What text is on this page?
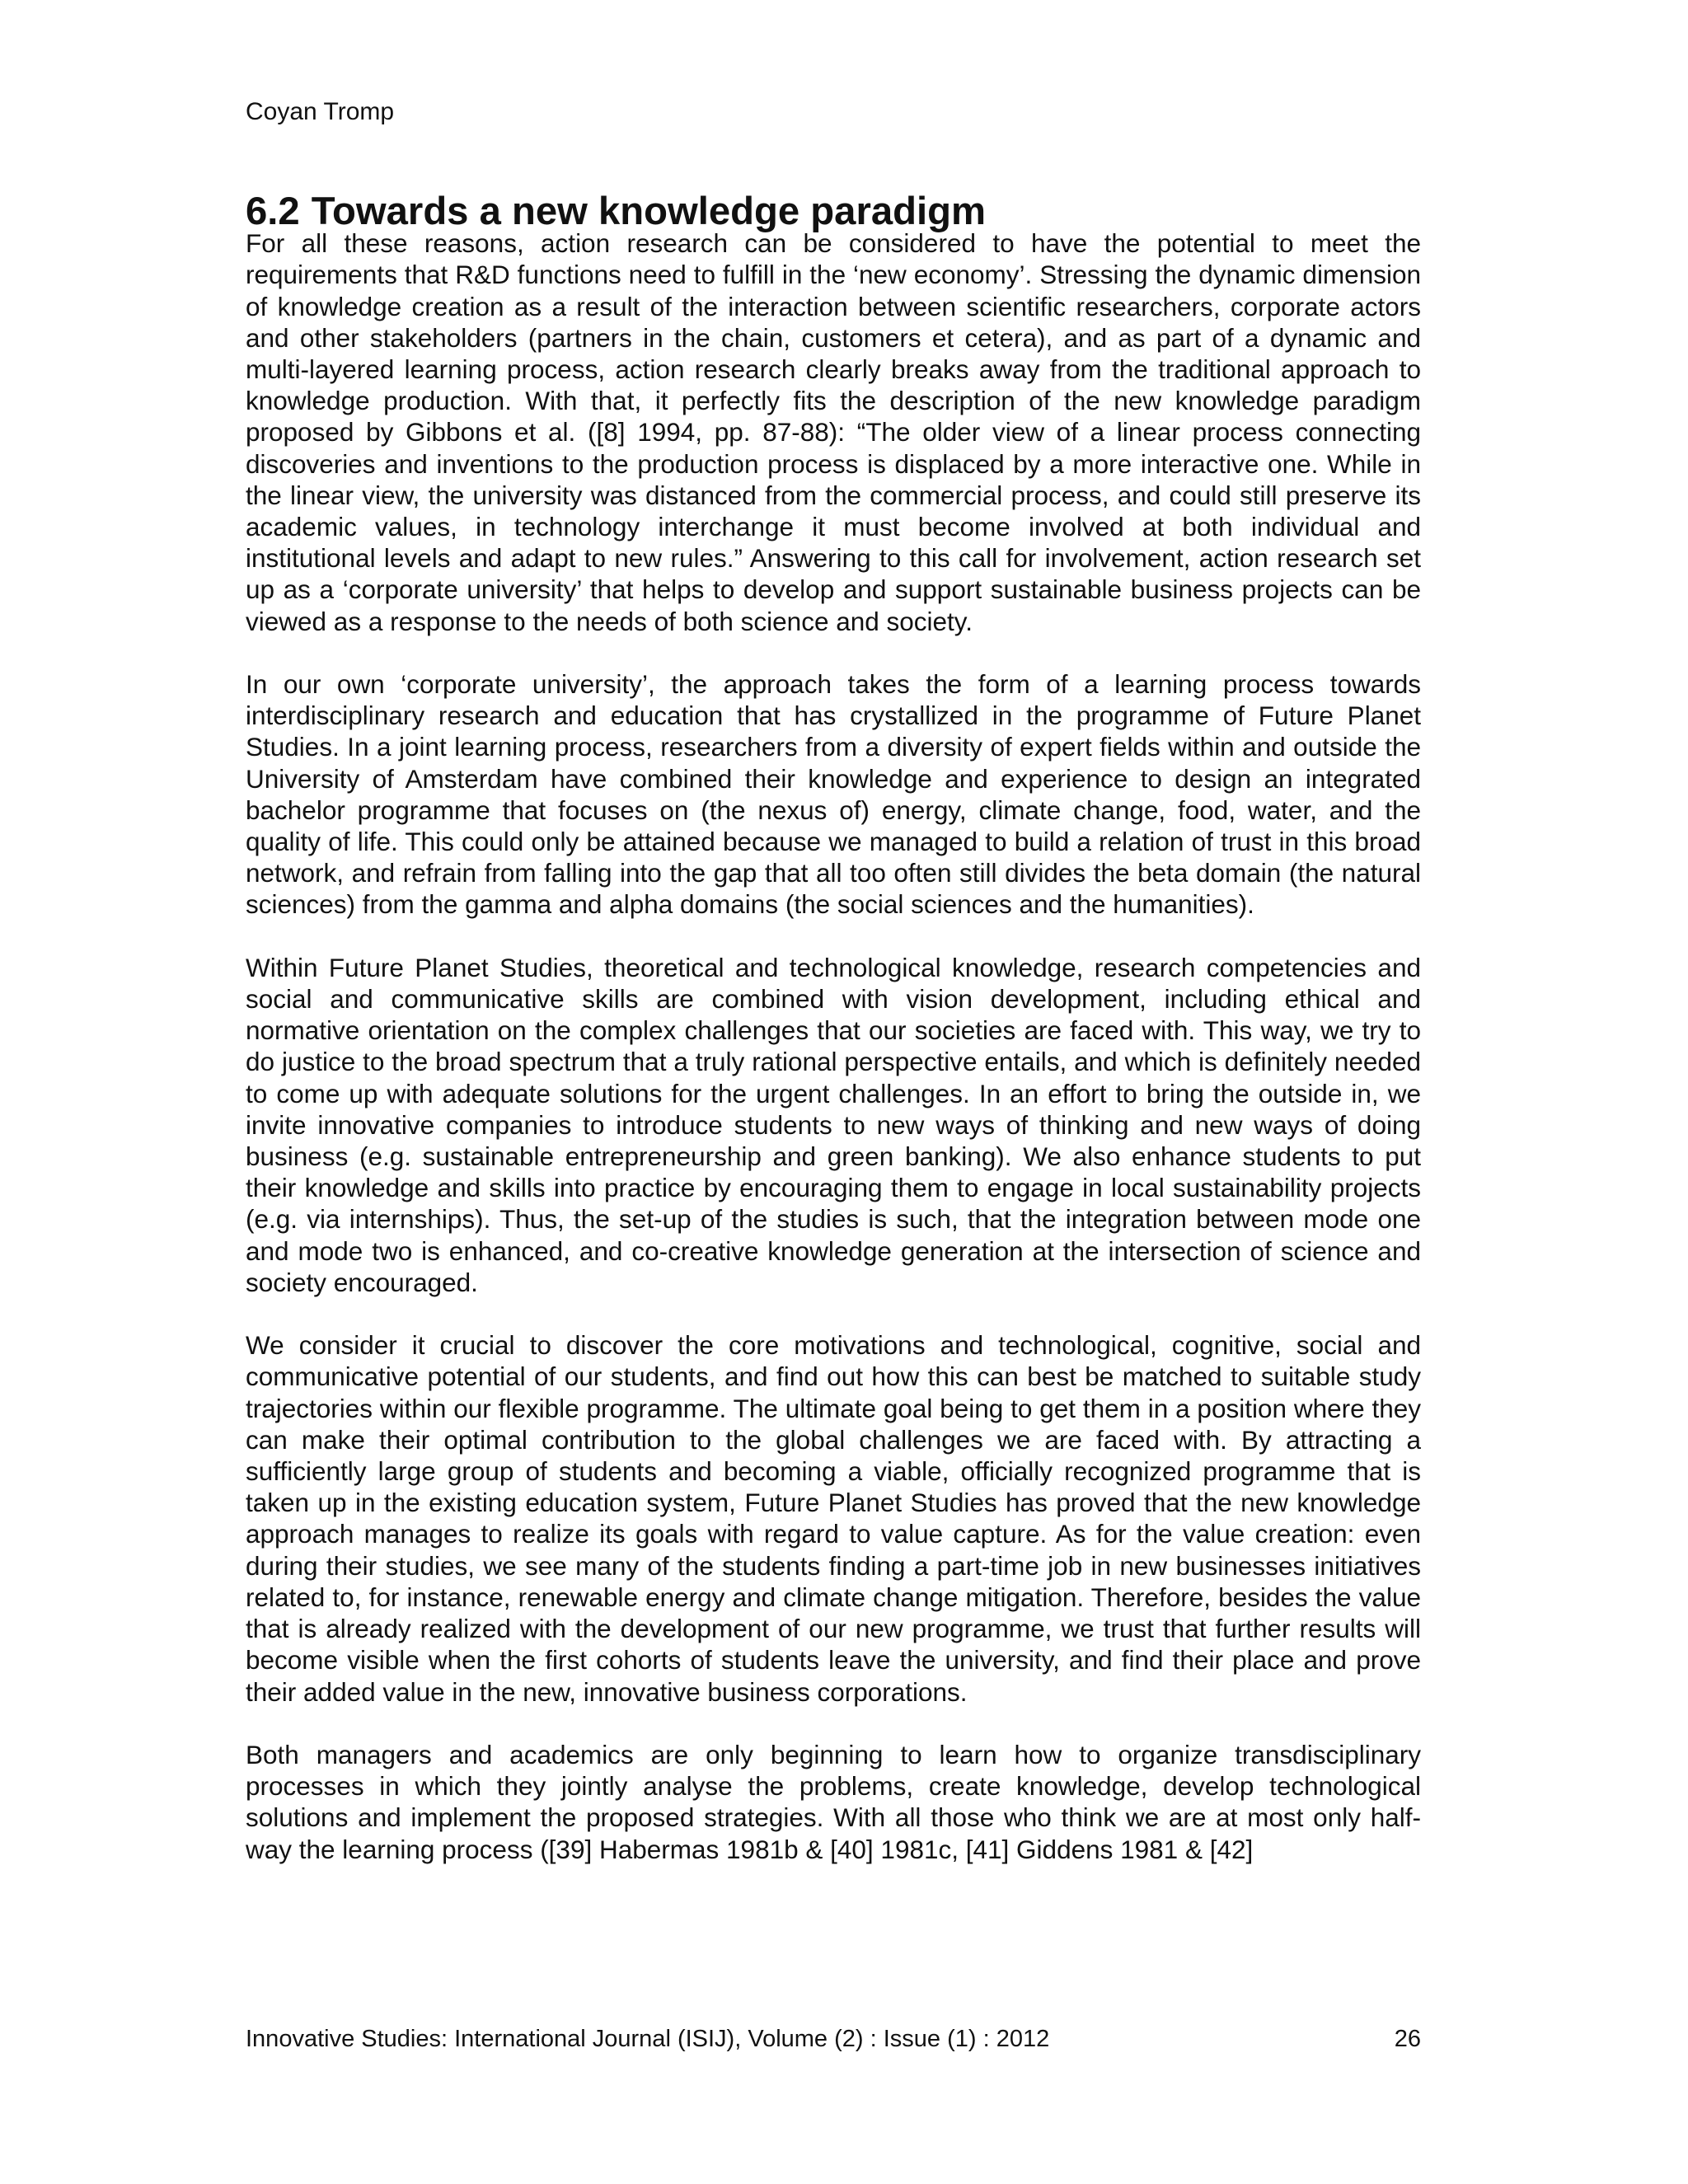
Coyan Tromp
6.2 Towards a new knowledge paradigm

For all these reasons, action research can be considered to have the potential to meet the requirements that R&D functions need to fulfill in the ‘new economy’. Stressing the dynamic dimension of knowledge creation as a result of the interaction between scientific researchers, corporate actors and other stakeholders (partners in the chain, customers et cetera), and as part of a dynamic and multi-layered learning process, action research clearly breaks away from the traditional approach to knowledge production. With that, it perfectly fits the description of the new knowledge paradigm proposed by Gibbons et al. ([8] 1994, pp. 87-88): “The older view of a linear process connecting discoveries and inventions to the production process is displaced by a more interactive one. While in the linear view, the university was distanced from the commercial process, and could still preserve its academic values, in technology interchange it must become involved at both individual and institutional levels and adapt to new rules.” Answering to this call for involvement, action research set up as a ‘corporate university’ that helps to develop and support sustainable business projects can be viewed as a response to the needs of both science and society.

In our own ‘corporate university’, the approach takes the form of a learning process towards interdisciplinary research and education that has crystallized in the programme of Future Planet Studies. In a joint learning process, researchers from a diversity of expert fields within and outside the University of Amsterdam have combined their knowledge and experience to design an integrated bachelor programme that focuses on (the nexus of) energy, climate change, food, water, and the quality of life. This could only be attained because we managed to build a relation of trust in this broad network, and refrain from falling into the gap that all too often still divides the beta domain (the natural sciences) from the gamma and alpha domains (the social sciences and the humanities).

Within Future Planet Studies, theoretical and technological knowledge, research competencies and social and communicative skills are combined with vision development, including ethical and normative orientation on the complex challenges that our societies are faced with. This way, we try to do justice to the broad spectrum that a truly rational perspective entails, and which is definitely needed to come up with adequate solutions for the urgent challenges. In an effort to bring the outside in, we invite innovative companies to introduce students to new ways of thinking and new ways of doing business (e.g. sustainable entrepreneurship and green banking). We also enhance students to put their knowledge and skills into practice by encouraging them to engage in local sustainability projects (e.g. via internships). Thus, the set-up of the studies is such, that the integration between mode one and mode two is enhanced, and co-creative knowledge generation at the intersection of science and society encouraged.

We consider it crucial to discover the core motivations and technological, cognitive, social and communicative potential of our students, and find out how this can best be matched to suitable study trajectories within our flexible programme. The ultimate goal being to get them in a position where they can make their optimal contribution to the global challenges we are faced with. By attracting a sufficiently large group of students and becoming a viable, officially recognized programme that is taken up in the existing education system, Future Planet Studies has proved that the new knowledge approach manages to realize its goals with regard to value capture. As for the value creation: even during their studies, we see many of the students finding a part-time job in new businesses initiatives related to, for instance, renewable energy and climate change mitigation. Therefore, besides the value that is already realized with the development of our new programme, we trust that further results will become visible when the first cohorts of students leave the university, and find their place and prove their added value in the new, innovative business corporations.

Both managers and academics are only beginning to learn how to organize transdisciplinary processes in which they jointly analyse the problems, create knowledge, develop technological solutions and implement the proposed strategies. With all those who think we are at most only half-way the learning process ([39] Habermas 1981b & [40] 1981c, [41] Giddens 1981 & [42]

Innovative Studies: International Journal (ISIJ), Volume (2) : Issue (1) : 2012	26
